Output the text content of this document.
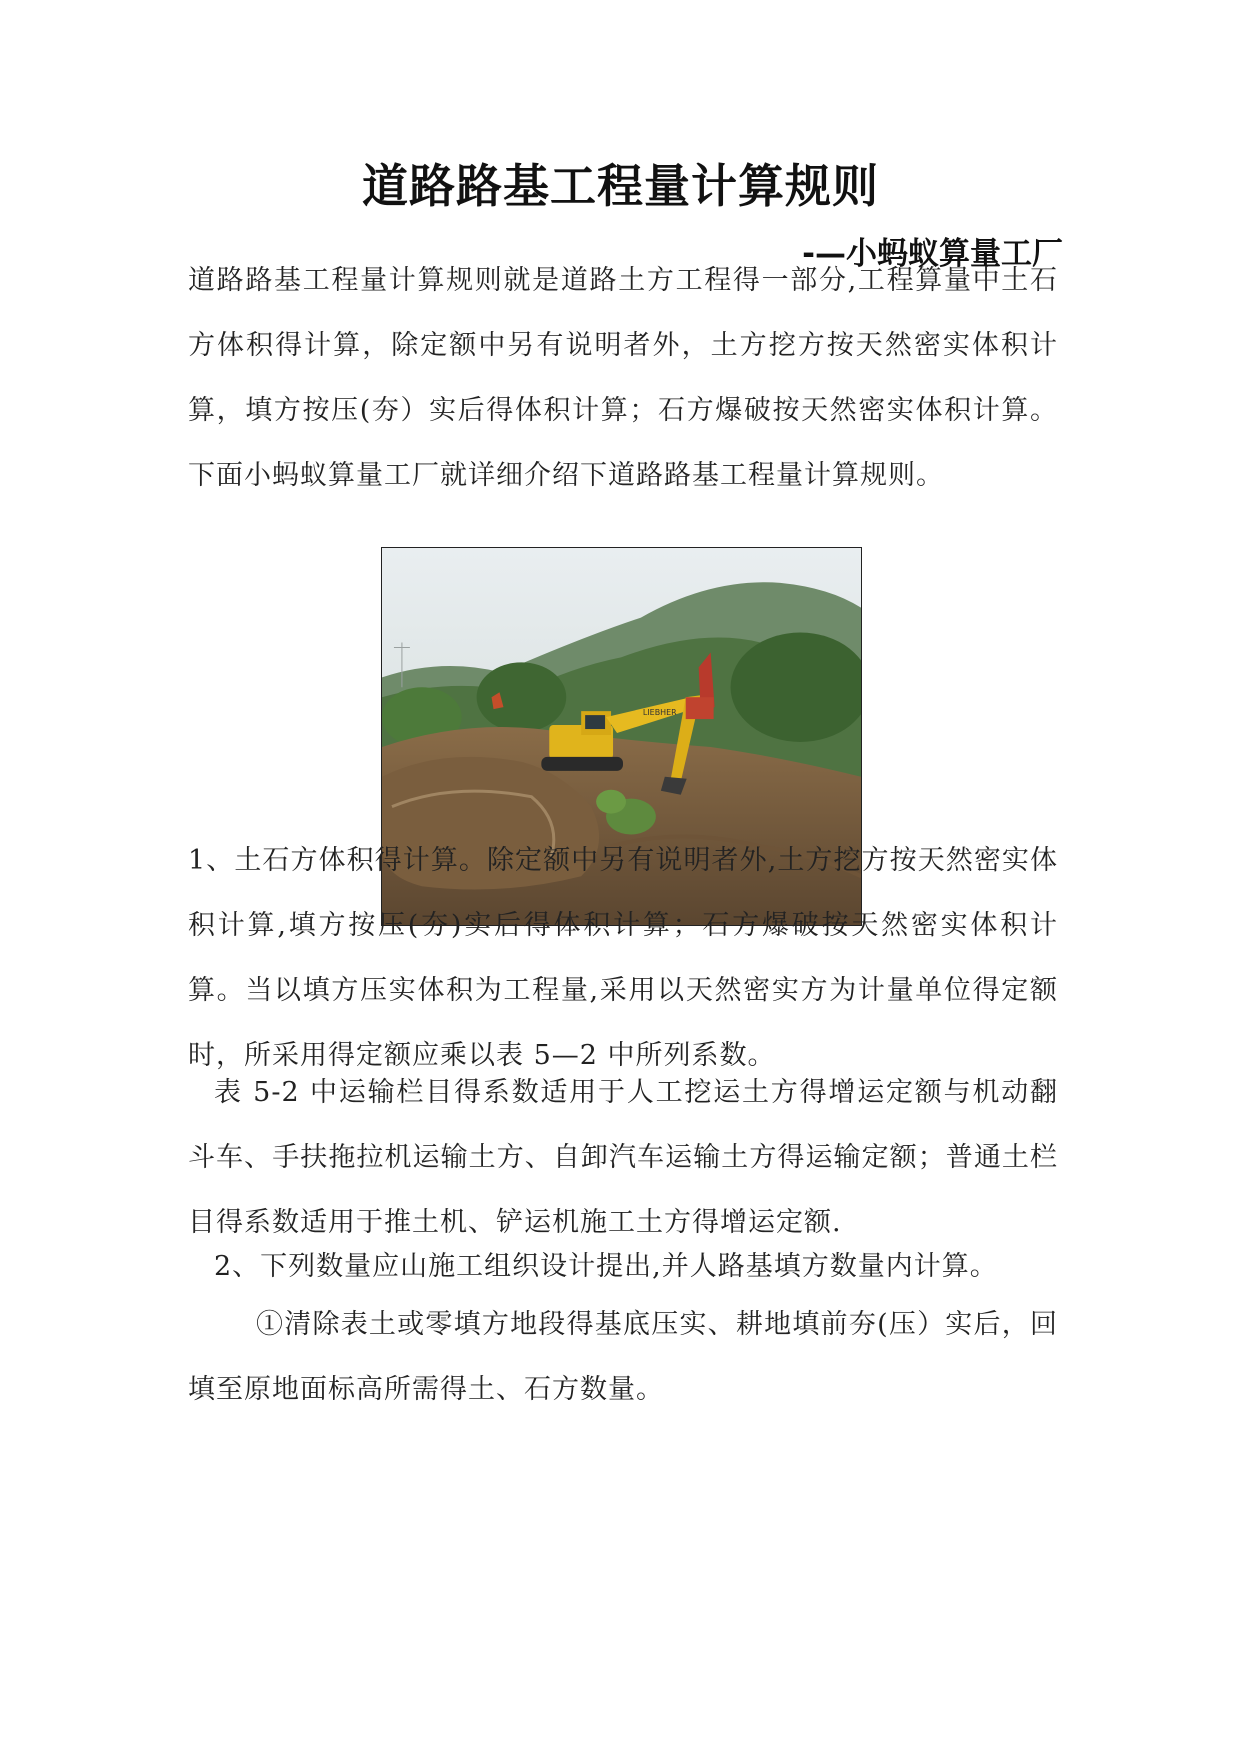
道路路基工程量计算规则
-—小蚂蚁算量工厂

道路路基工程量计算规则就是道路土方工程得一部分,工程算量中土石方体积得计算，除定额中另有说明者外，土方挖方按天然密实体积计算，填方按压(夯）实后得体积计算；石方爆破按天然密实体积计算。下面小蚂蚁算量工厂就详细介绍下道路路基工程量计算规则。

LIEBHER

1、土石方体积得计算。除定额中另有说明者外,土方挖方按天然密实体积计算,填方按压(夯)实后得体积计算；石方爆破按天然密实体积计算。当以填方压实体积为工程量,采用以天然密实方为计量单位得定额时，所采用得定额应乘以表 5—2 中所列系数。

表 5-2 中运输栏目得系数适用于人工挖运土方得增运定额与机动翻斗车、手扶拖拉机运输土方、自卸汽车运输土方得运输定额；普通土栏目得系数适用于推土机、铲运机施工土方得增运定额.

2、下列数量应山施工组织设计提出,并人路基填方数量内计算。

①清除表土或零填方地段得基底压实、耕地填前夯(压）实后，回填至原地面标高所需得土、石方数量。
